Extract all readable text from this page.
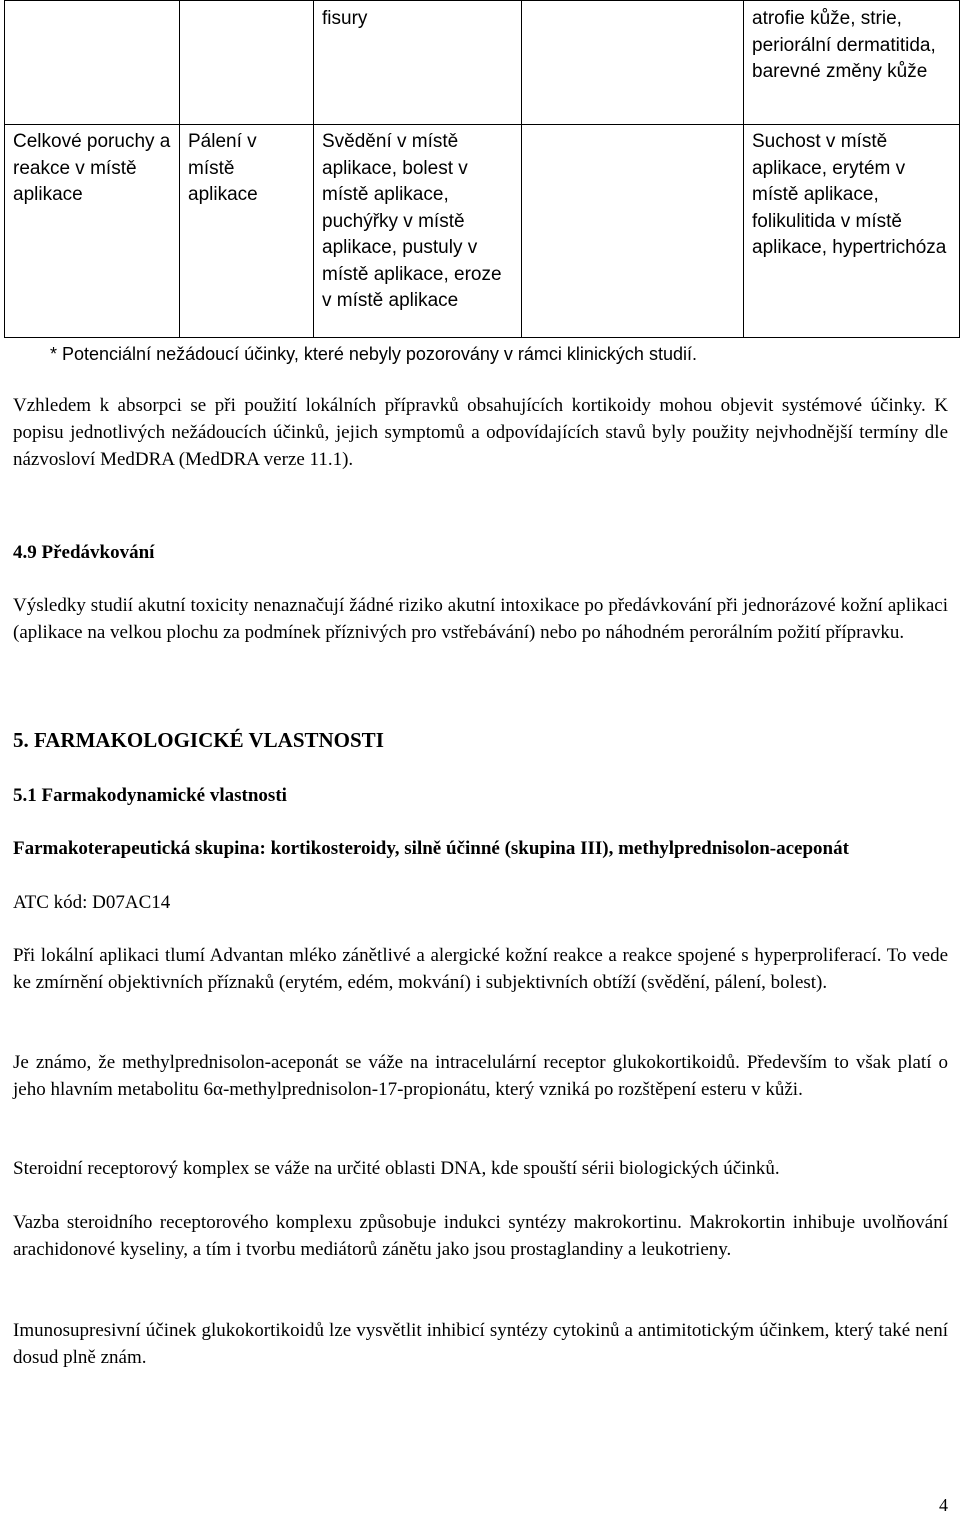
		fisury		atrofie kůže, strie, periorální dermatitida, barevné změny kůže
Celkové poruchy a reakce v místě aplikace	Pálení v místě aplikace	Svědění v místě aplikace, bolest v místě aplikace, puchýřky v místě aplikace, pustuly v místě aplikace, eroze v místě aplikace		Suchost v místě aplikace, erytém v místě aplikace, folikulitida v místě aplikace, hypertrichóza
* Potenciální nežádoucí účinky, které nebyly pozorovány v rámci klinických studií.

Vzhledem k absorpci se při použití lokálních přípravků obsahujících kortikoidy mohou objevit systémové účinky. K popisu jednotlivých nežádoucích účinků, jejich symptomů a odpovídajících stavů byly použity nejvhodnější termíny dle názvosloví MedDRA (MedDRA verze 11.1).

4.9 Předávkování

Výsledky studií akutní toxicity nenaznačují žádné riziko akutní intoxikace po předávkování při jednorázové kožní aplikaci (aplikace na velkou plochu za podmínek příznivých pro vstřebávání) nebo po náhodném perorálním požití přípravku.

5. FARMAKOLOGICKÉ VLASTNOSTI
5.1 Farmakodynamické vlastnosti

Farmakoterapeutická skupina: kortikosteroidy, silně účinné (skupina III), methylprednisolon-aceponát

ATC kód: D07AC14

Při lokální aplikaci tlumí Advantan mléko zánětlivé a alergické kožní reakce a reakce spojené s hyperproliferací. To vede ke zmírnění objektivních příznaků (erytém, edém, mokvání) i subjektivních obtíží (svědění, pálení, bolest).

Je známo, že methylprednisolon-aceponát se váže na intracelulární receptor glukokortikoidů. Především to však platí o jeho hlavním metabolitu 6α-methylprednisolon-17-propionátu, který vzniká po rozštěpení esteru v kůži.

Steroidní receptorový komplex se váže na určité oblasti DNA, kde spouští sérii biologických účinků.

Vazba steroidního receptorového komplexu způsobuje indukci syntézy makrokortinu. Makrokortin inhibuje uvolňování arachidonové kyseliny, a tím i tvorbu mediátorů zánětu jako jsou prostaglandiny a leukotrieny.

Imunosupresivní účinek glukokortikoidů lze vysvětlit inhibicí syntézy cytokinů a antimitotickým účinkem, který také není dosud plně znám.

4
